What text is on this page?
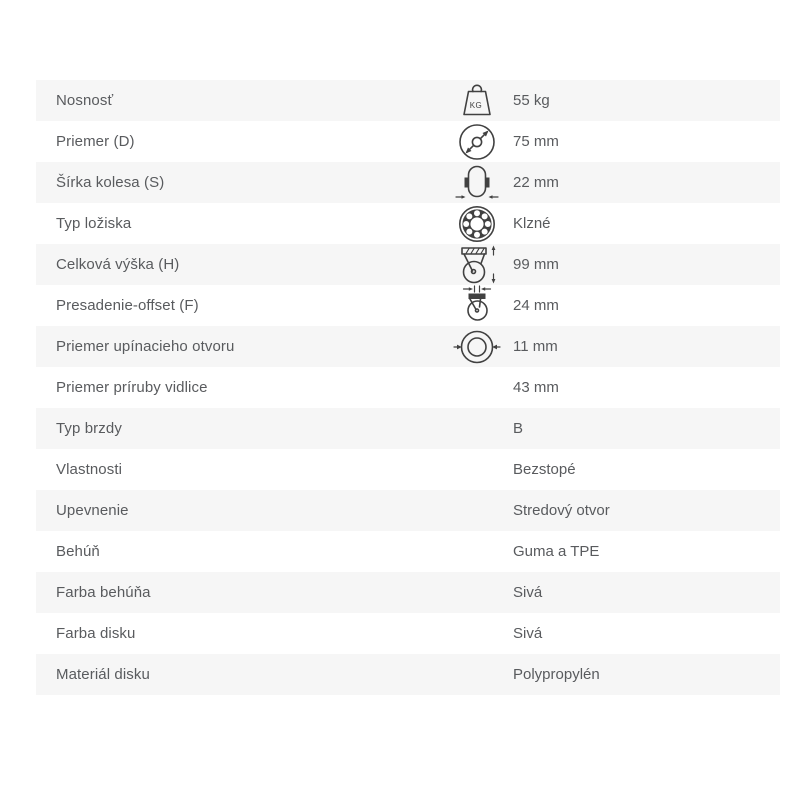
Nosnosť	KG 55 kg
Priemer (D)	75 mm
Šírka kolesa (S)	22 mm
Typ ložiska	Klzné
Celková výška (H)	99 mm
Presadenie-offset (F)	24 mm
Priemer upínacieho otvoru	11 mm
Priemer príruby vidlice	43 mm
Typ brzdy	B
Vlastnosti	Bezstopé
Upevnenie	Stredový otvor
Behúň	Guma a TPE
Farba behúňa	Sivá
Farba disku	Sivá
Materiál disku	Polypropylén
